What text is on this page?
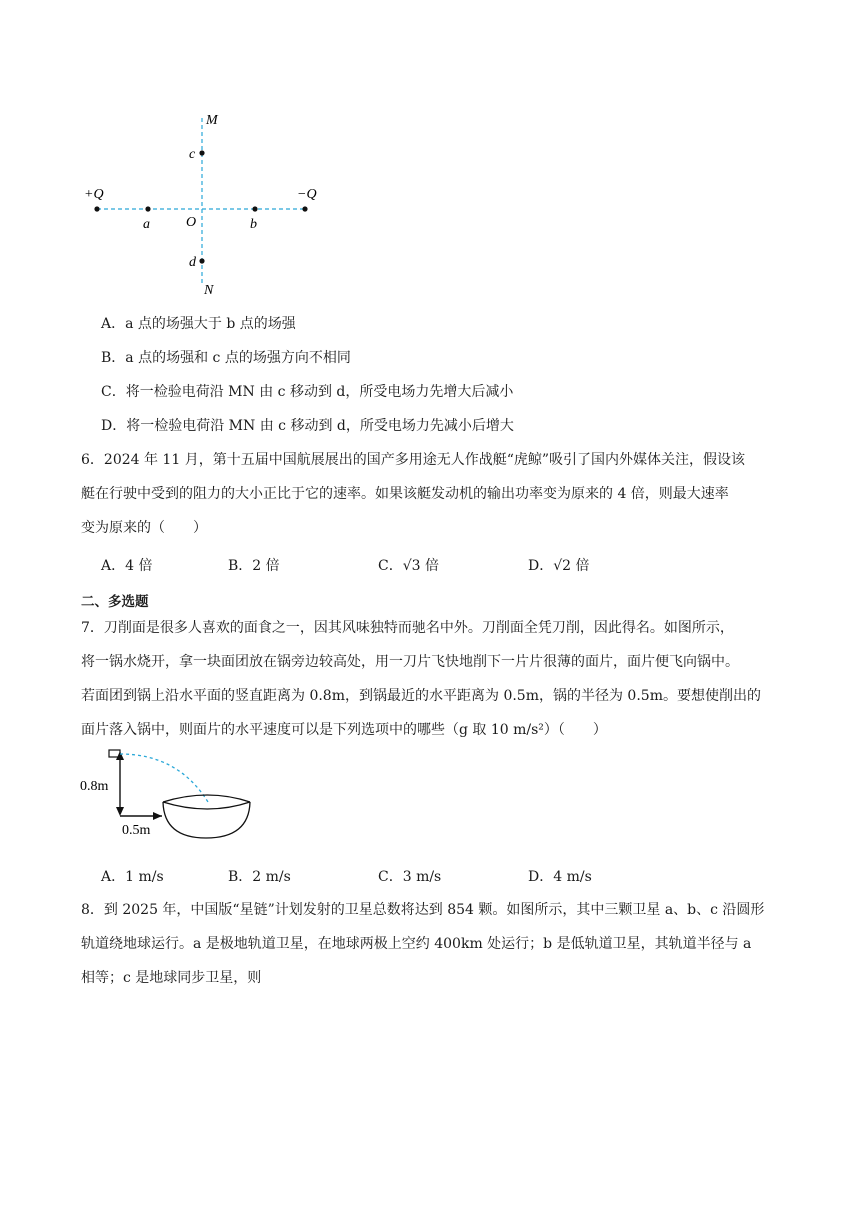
M
N
c
d
O
a	b
+Q	−Q
A．a 点的场强大于 b 点的场强
B．a 点的场强和 c 点的场强方向不相同
C．将一检验电荷沿 MN 由 c 移动到 d，所受电场力先增大后减小
D．将一检验电荷沿 MN 由 c 移动到 d，所受电场力先减小后增大
6．2024 年 11 月，第十五届中国航展展出的国产多用途无人作战艇“虎鲸”吸引了国内外媒体关注，假设该
艇在行驶中受到的阻力的大小正比于它的速率。如果该艇发动机的输出功率变为原来的 4 倍，则最大速率
变为原来的（　　）
A．4 倍	B．2 倍	C．√3 倍	D．√2 倍
二、多选题
7．刀削面是很多人喜欢的面食之一，因其风味独特而驰名中外。刀削面全凭刀削，因此得名。如图所示，
将一锅水烧开，拿一块面团放在锅旁边较高处，用一刀片飞快地削下一片片很薄的面片，面片便飞向锅中。
若面团到锅上沿水平面的竖直距离为 0.8m，到锅最近的水平距离为 0.5m，锅的半径为 0.5m。要想使削出的
面片落入锅中，则面片的水平速度可以是下列选项中的哪些（g 取 10 m/s²）（　　）
0.8m
0.5m
A．1 m/s	B．2 m/s	C．3 m/s	D．4 m/s
8．到 2025 年，中国版“星链”计划发射的卫星总数将达到 854 颗。如图所示，其中三颗卫星 a、b、c 沿圆形
轨道绕地球运行。a 是极地轨道卫星，在地球两极上空约 400km 处运行；b 是低轨道卫星，其轨道半径与 a
相等；c 是地球同步卫星，则
